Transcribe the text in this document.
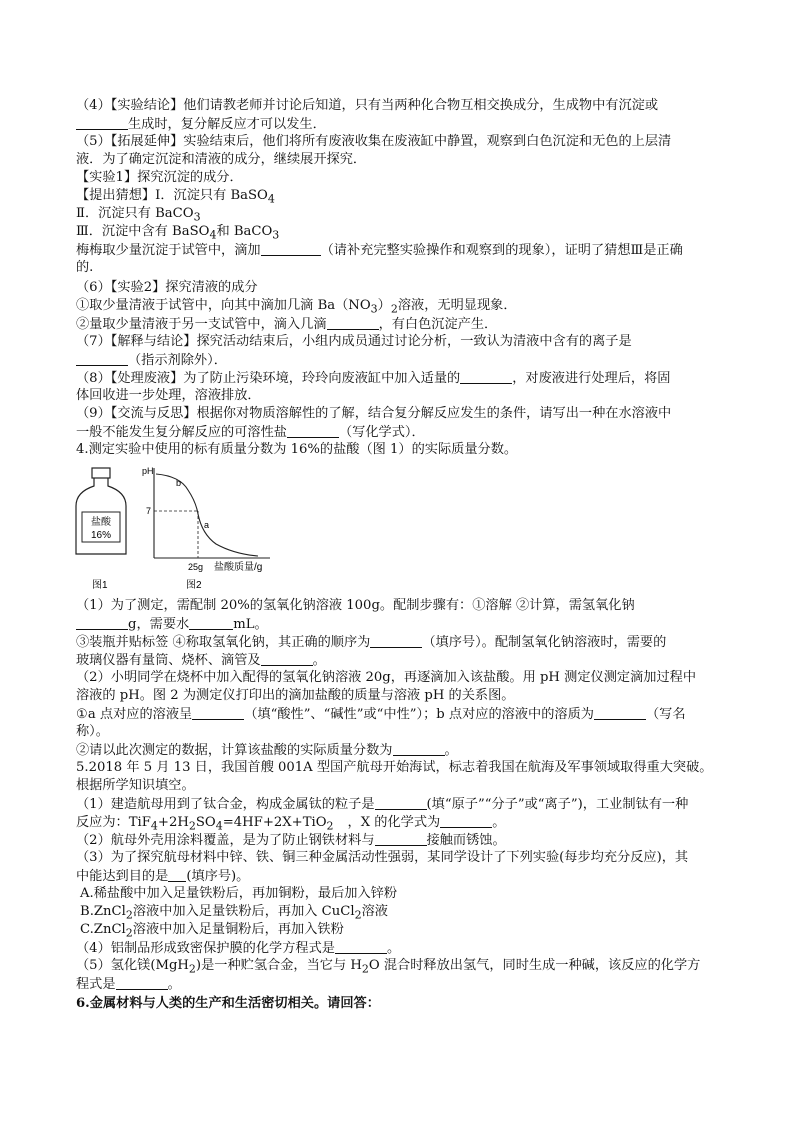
（4）【实验结论】他们请教老师并讨论后知道，只有当两种化合物互相交换成分，生成物中有沉淀或
生成时，复分解反应才可以发生．
（5）【拓展延伸】实验结束后，他们将所有废液收集在废液缸中静置，观察到白色沉淀和无色的上层清
液．为了确定沉淀和清液的成分，继续展开探究．
【实验1】探究沉淀的成分．
【提出猜想】Ⅰ．沉淀只有 BaSO$_4$
Ⅱ．沉淀只有 BaCO$_3$
Ⅲ．沉淀中含有 BaSO$_4$和 BaCO$_3$
梅梅取少量沉淀于试管中，滴加	（请补充完整实验操作和观察到的现象），证明了猜想Ⅲ是正确
的.
（6）【实验2】探究清液的成分
①取少量清液于试管中，向其中滴加几滴 $Ba(NO_3)_2$溶液，无明显现象．
②量取少量清液于另一支试管中，滴入几滴	，有白色沉淀产生．
（7）【解释与结论】探究活动结束后，小组内成员通过讨论分析，一致认为清液中含有的离子是
（指示剂除外）．
（8）【处理废液】为了防止污染环境，玲玲向废液缸中加入适量的	，对废液进行处理后，将固
体回收进一步处理，溶液排放．
（9）【交流与反思】根据你对物质溶解性的了解，结合复分解反应发生的条件，请写出一种在水溶液中
一般不能发生复分解反应的可溶性盐	（写化学式）．
4.测定实验中使用的标有质量分数为 16%的盐酸（图 1）的实际质量分数。
盐酸
16%
pH
7
b
a
25g 盐酸质量/g
图1	图2
（1）为了测定，需配制 20%的氢氧化钠溶液 100g。配制步骤有：①溶解 ②计算，需氢氧化钠
g，需要水	mL。
③装瓶并贴标签 ④称取氢氧化钠，其正确的顺序为	（填序号）。配制氢氧化钠溶液时，需要的
玻璃仪器有量筒、烧杯、滴管及	。
（2）小明同学在烧杯中加入配得的氢氧化钠溶液 20g，再逐滴加入该盐酸。用 pH 测定仪测定滴加过程中
溶液的 pH。图 2 为测定仪打印出的滴加盐酸的质量与溶液 pH 的关系图。
①a 点对应的溶液呈	（填“酸性”、“碱性”或“中性”）；b 点对应的溶液中的溶质为	（写名
称）。
②请以此次测定的数据，计算该盐酸的实际质量分数为	。
5.2018 年 5 月 13 日，我国首艘 001A 型国产航母开始海试，标志着我国在航海及军事领域取得重大突破。
根据所学知识填空。
（1）建造航母用到了钛合金，构成金属钛的粒子是	(填“原子”“分子”或“离子”)，工业制钛有一种
反应为：$TiF_4+2H_2SO_4=4HF+2X+TiO_2$ ，X 的化学式为	。
（2）航母外壳用涂料覆盖，是为了防止钢铁材料与	接触而锈蚀。
（3）为了探究航母材料中锌、铁、铜三种金属活动性强弱，某同学设计了下列实验(每步均充分反应)，其
中能达到目的是 (填序号)。
A.稀盐酸中加入足量铁粉后，再加铜粉，最后加入锌粉
B.ZnCl$_2$溶液中加入足量铁粉后，再加入 CuCl$_2$溶液
C.ZnCl$_2$溶液中加入足量铜粉后，再加入铁粉
（4）铝制品形成致密保护膜的化学方程式是	。
（5）氢化镁(MgH$_2$)是一种贮氢合金，当它与 $H_2O$ 混合时释放出氢气，同时生成一种碱，该反应的化学方
程式是	。
6.金属材料与人类的生产和生活密切相关。请回答：
